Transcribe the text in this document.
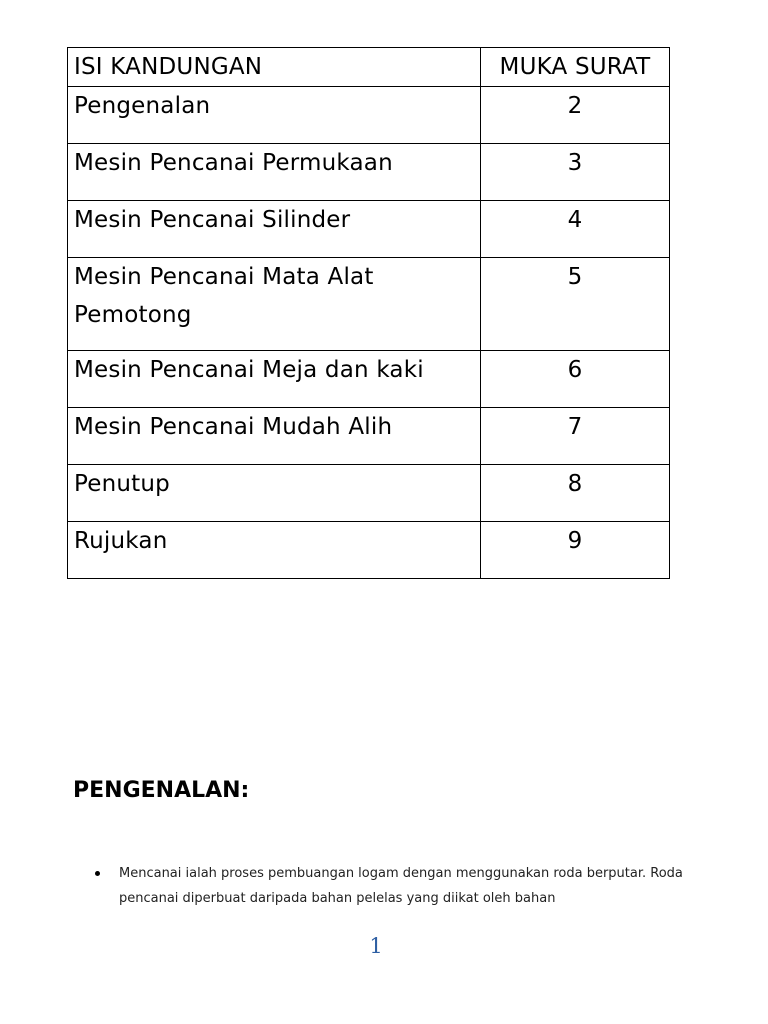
ISI KANDUNGAN	MUKA SURAT
Pengenalan	2
Mesin Pencanai Permukaan	3
Mesin Pencanai Silinder	4
Mesin Pencanai Mata Alat Pemotong	5
Mesin Pencanai Meja dan kaki	6
Mesin Pencanai Mudah Alih	7
Penutup	8
Rujukan	9
PENGENALAN:
Mencanai ialah proses pembuangan logam dengan menggunakan roda berputar. Roda pencanai diperbuat daripada bahan pelelas yang diikat oleh bahan
1
